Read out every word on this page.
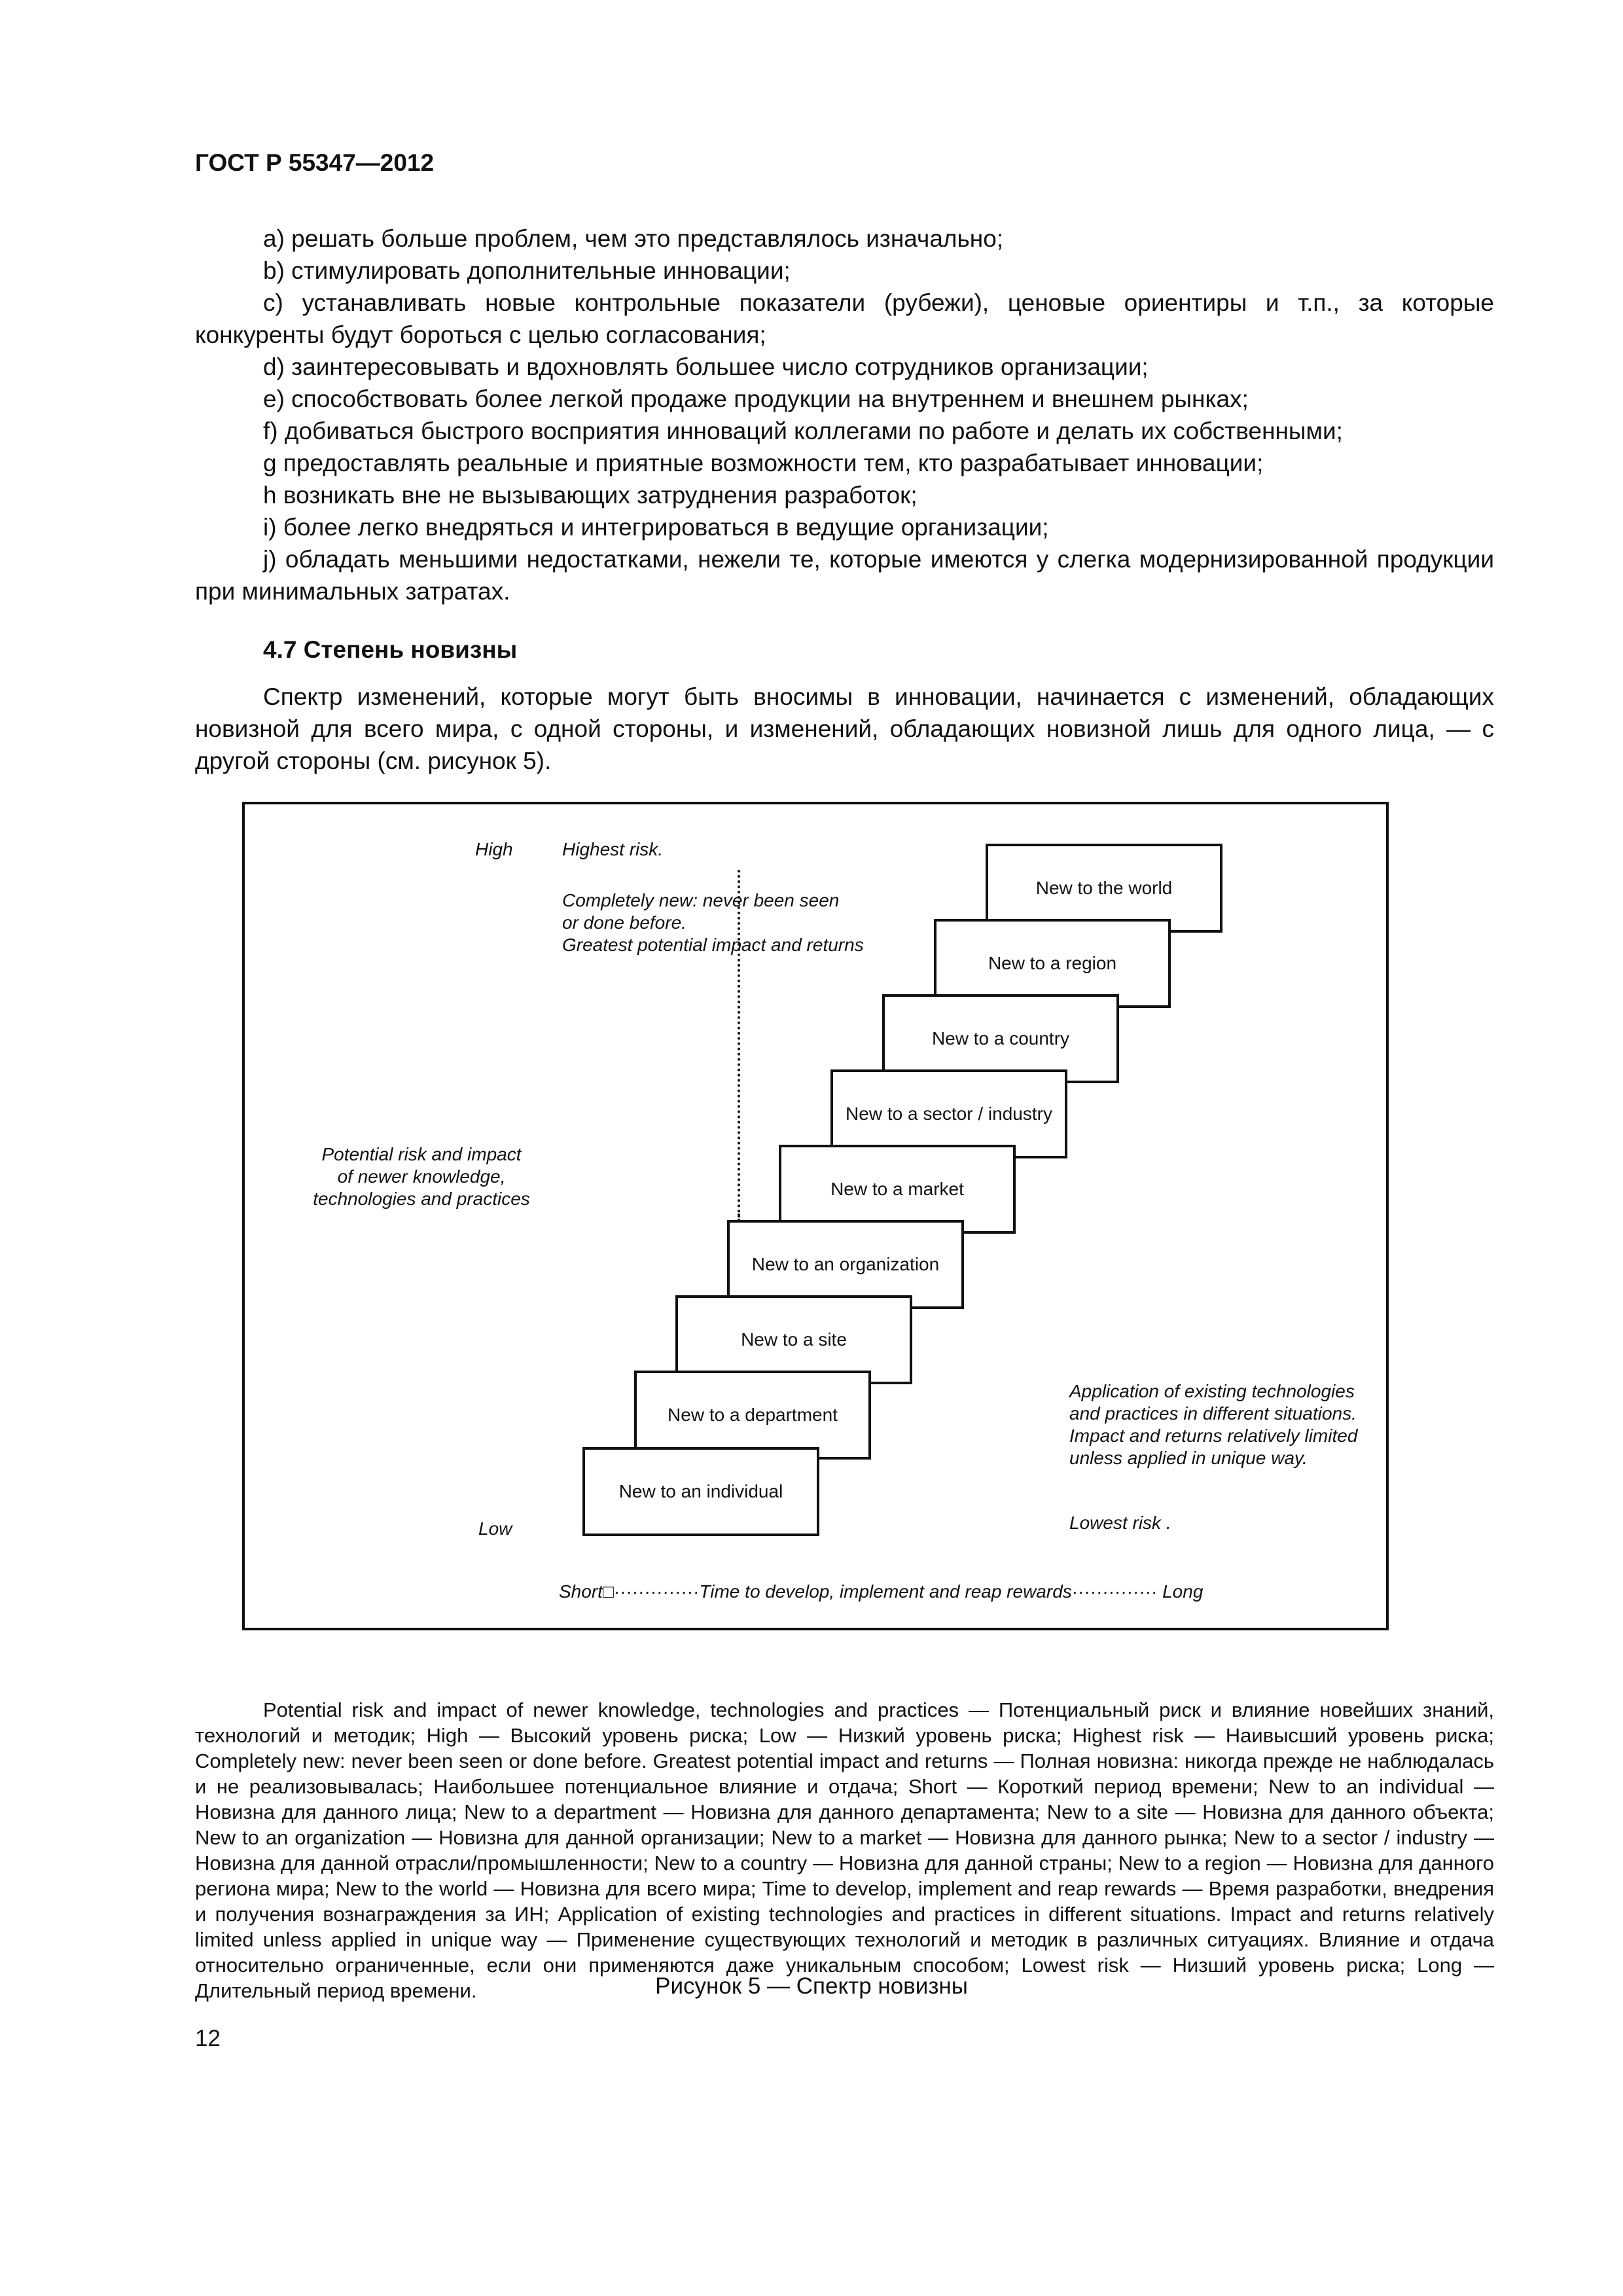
ГОСТ Р 55347—2012

a) решать больше проблем, чем это представлялось изначально;

b) стимулировать дополнительные инновации;

c) устанавливать новые контрольные показатели (рубежи), ценовые ориентиры и т.п., за которые конкуренты будут бороться с целью согласования;

d) заинтересовывать и вдохновлять большее число сотрудников организации;

e) способствовать более легкой продаже продукции на внутреннем и внешнем рынках;

f) добиваться быстрого восприятия инноваций коллегами по работе и делать их собственными;

g предоставлять реальные и приятные возможности тем, кто разрабатывает инновации;

h возникать вне не вызывающих затруднения разработок;

i) более легко внедряться и интегрироваться в ведущие организации;

j) обладать меньшими недостатками, нежели те, которые имеются у слегка модернизированной продукции при минимальных затратах.

4.7 Степень новизны

Спектр изменений, которые могут быть вносимы в инновации, начинается с изменений, обладающих новизной для всего мира, с одной стороны, и изменений, обладающих новизной лишь для одного лица, — с другой стороны (см. рисунок 5).

High
Potential risk and impact
of newer knowledge,
technologies and practices
Low
Highest risk.
Completely new: never been seen
or done before.
Greatest potential impact and returns
New to the world
New to a region
New to a country
New to a sector / industry
New to a market
New to an organization
New to a site
New to a department
New to an individual
Application of existing technologies
and practices in different situations.
Impact and returns relatively limited
unless applied in unique way.
Lowest risk .
Short□··············Time to develop, implement and reap rewards·············· Long

Potential risk and impact of newer knowledge, technologies and practices — Потенциальный риск и влияние новейших знаний, технологий и методик; High — Высокий уровень риска; Low — Низкий уровень риска; Highest risk — Наивысший уровень риска; Completely new: never been seen or done before. Greatest potential impact and returns — Полная новизна: никогда прежде не наблюдалась и не реализовывалась; Наибольшее потенциальное влияние и отдача; Short — Короткий период времени; New to an individual — Новизна для данного лица; New to a department — Новизна для данного департамента; New to a site — Новизна для данного объекта; New to an organization — Новизна для данной организации; New to a market — Новизна для данного рынка; New to a sector / industry — Новизна для данной отрасли/промышленности; New to a country — Новизна для данной страны; New to a region — Новизна для данного региона мира; New to the world — Новизна для всего мира; Time to develop, implement and reap rewards — Время разработки, внедрения и получения вознаграждения за ИН; Application of existing technologies and practices in different situations. Impact and returns relatively limited unless applied in unique way — Применение существующих технологий и методик в различных ситуациях. Влияние и отдача относительно ограниченные, если они применяются даже уникальным способом; Lowest risk — Низший уровень риска; Long — Длительный период времени.	Рисунок 5 — Спектр новизны
12
